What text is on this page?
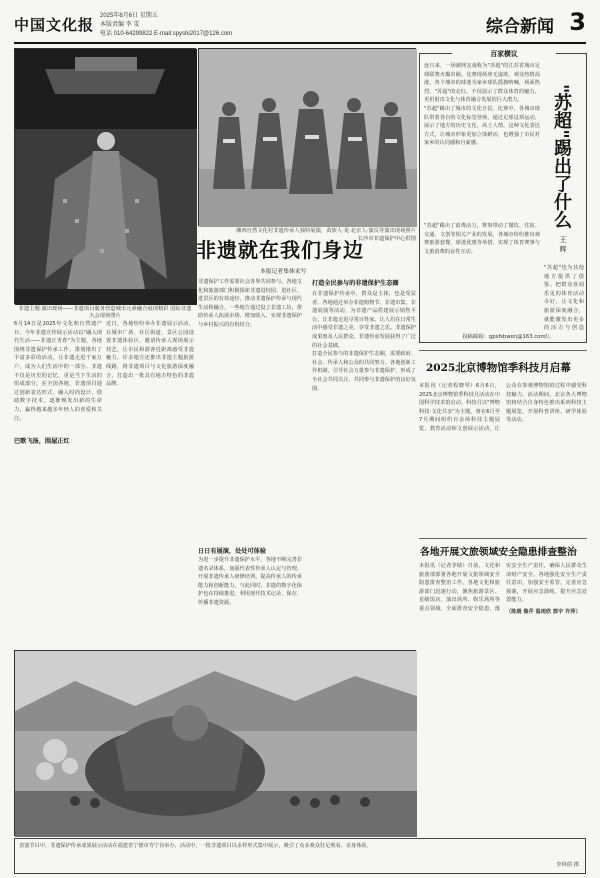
中国文化报 2025年6月6日 星期五
本版责编 李 雯
电话 010-64299822 E-mail:spyshi2017@126.com	综合新闻 3
非遗主题·演出现场——非遗项目服务营造城市元素融合展现精彩 国际非遗大会现场图片
湘西自然文化村非遗传承人独特展演，苗族人·龙·北京人·演员等演出现场照片
长沙市非遗保护中心供图
非遗就在我们身边
本报记者集体采写

6月14日是2025年文化和自然遗产日。今年非遗宣传展示活动以"融入现代生活——非遗正青春"为主题，各地围绕非遗保护传承工作，策划推出了丰富多彩的活动，让非遗走进千家万户，成为人们生活中的一部分。非遗不仅是历史的记忆，更是当下生活的组成部分。在全国各地，非遗项目通过创新表达形式、融入时尚设计、借助数字技术，逐渐焕发出新的生命力，赢得越来越多年轻人的喜爱和关注。

近日，各地纷纷举办非遗展示活动，在城市广场、社区街道、景区公园设置非遗体验区，邀请传承人现场展示技艺，让市民和游客近距离感受非遗魅力。许多地方还推出非遗主题旅游线路，将非遗项目与文化旅游深度融合，打造出一批具有地方特色的非遗品牌。

巴歌飞扬，围屋正红

非遗保护工作需要社会各界共同参与。各地文化和旅游部门积极探索非遗进校园、进社区、进景区的有效途径，推动非遗保护传承与现代生活相融合。一些地方通过设立非遗工坊，帮助传承人拓展市场、增加收入，实现非遗保护与乡村振兴的有机结合。

日日有展演，处处可体验
打造全民参与的非遗保护生态圈

在非遗保护传承中，群众是主体，也是受益者。各地通过举办非遗购物节、非遗市集、非遗展演等活动，为非遗产品搭建展示销售平台，让非遗走进寻常百姓家，让人们在日常生活中感受非遗之美、享受非遗之乐。非遗保护成果惠及人民群众，非遗传承发展获得了广泛的社会基础。

打造全民参与的非遗保护生态圈，需要政府、社会、传承人和公众的共同努力。各地创新工作机制，引导社会力量参与非遗保护，形成了全社会共同关注、共同参与非遗保护的良好氛围。

为进一步提升非遗保护水平，各地不断完善非遗名录体系，加强代表性传承人认定与管理，开展非遗传承人研修培训，提高传承人的传承能力和创新能力。与此同时，非遗的数字化保护也在持续推进，利用现代技术记录、保存、传播非遗资源。

百家横议

连日来，一场被网友戏称为"苏超"的江苏省城市足球联赛火爆出圈。比赛现场座无虚席，观众热情高涨，各个城市的球迷为家乡球队摇旗呐喊，场面热烈。"苏超"的走红，不仅展示了群众体育的魅力，更折射出文化与体育融合发展的巨大潜力。

"苏超"踢出了城市的文化自信。比赛中，各城市球队带着各自的文化标签登场，通过足球这项运动，展示了地方的历史文化、风土人情。这种文化表达方式，让城市形象更加立体鲜活，也增强了市民对家乡的认同感和自豪感。	"苏超"踢出了什么
王 辉

"苏超"踢出了消费活力。赛事带动了餐饮、住宿、交通、文创等相关产业的发展，各城市纷纷推出观赛旅游套餐、球迷优惠等举措，实现了体育赛事与文旅消费的良性互动。

"苏超"也为其他地方提供了借鉴。把群众喜闻乐见的体育活动办好，让文化和旅游深度融合，就能激发出更多的活力与创造力。

投稿邮箱：gpsfsbwen@163.com
2025北京博物馆季科技月启幕

本报讯（记者程晓琴）6月6日，2025北京博物馆季科技月活动在中国科学技术馆启动。科技月以"博物科技·文化共享"为主题，将在6月至7月期间组织百余场科技主题展览、教育活动和文创展示活动，让公众在参观博物馆的过程中感受科技魅力。活动期间，北京各大博物馆将结合自身特色推出系列科技主题展览，开展科普讲座、研学体验等活动。

各地开展文旅领域安全隐患排查整治

本报讯（记者李婧）日前，文化和旅游部部署各地开展文旅领域安全隐患排查整治工作。各地文化和旅游部门迅速行动，聚焦旅游景区、星级饭店、演出场所、娱乐场所等重点领域，全面排查安全隐患，落实安全生产责任，确保人民群众生命财产安全。各地强化安全生产责任意识，加强安全监管，完善应急预案，开展应急演练，提升应急处置能力。

（陈晨 鲁芹 温雨欣 郭宇 许萍）

表演节目中，非遗保护传承成果展示活动在福建省宁德市寿宁县举办，活动中，一批非遗项目以多样形式集中展示，吸引了众多观众驻足观看、亲身体验。
李林倩 摄
